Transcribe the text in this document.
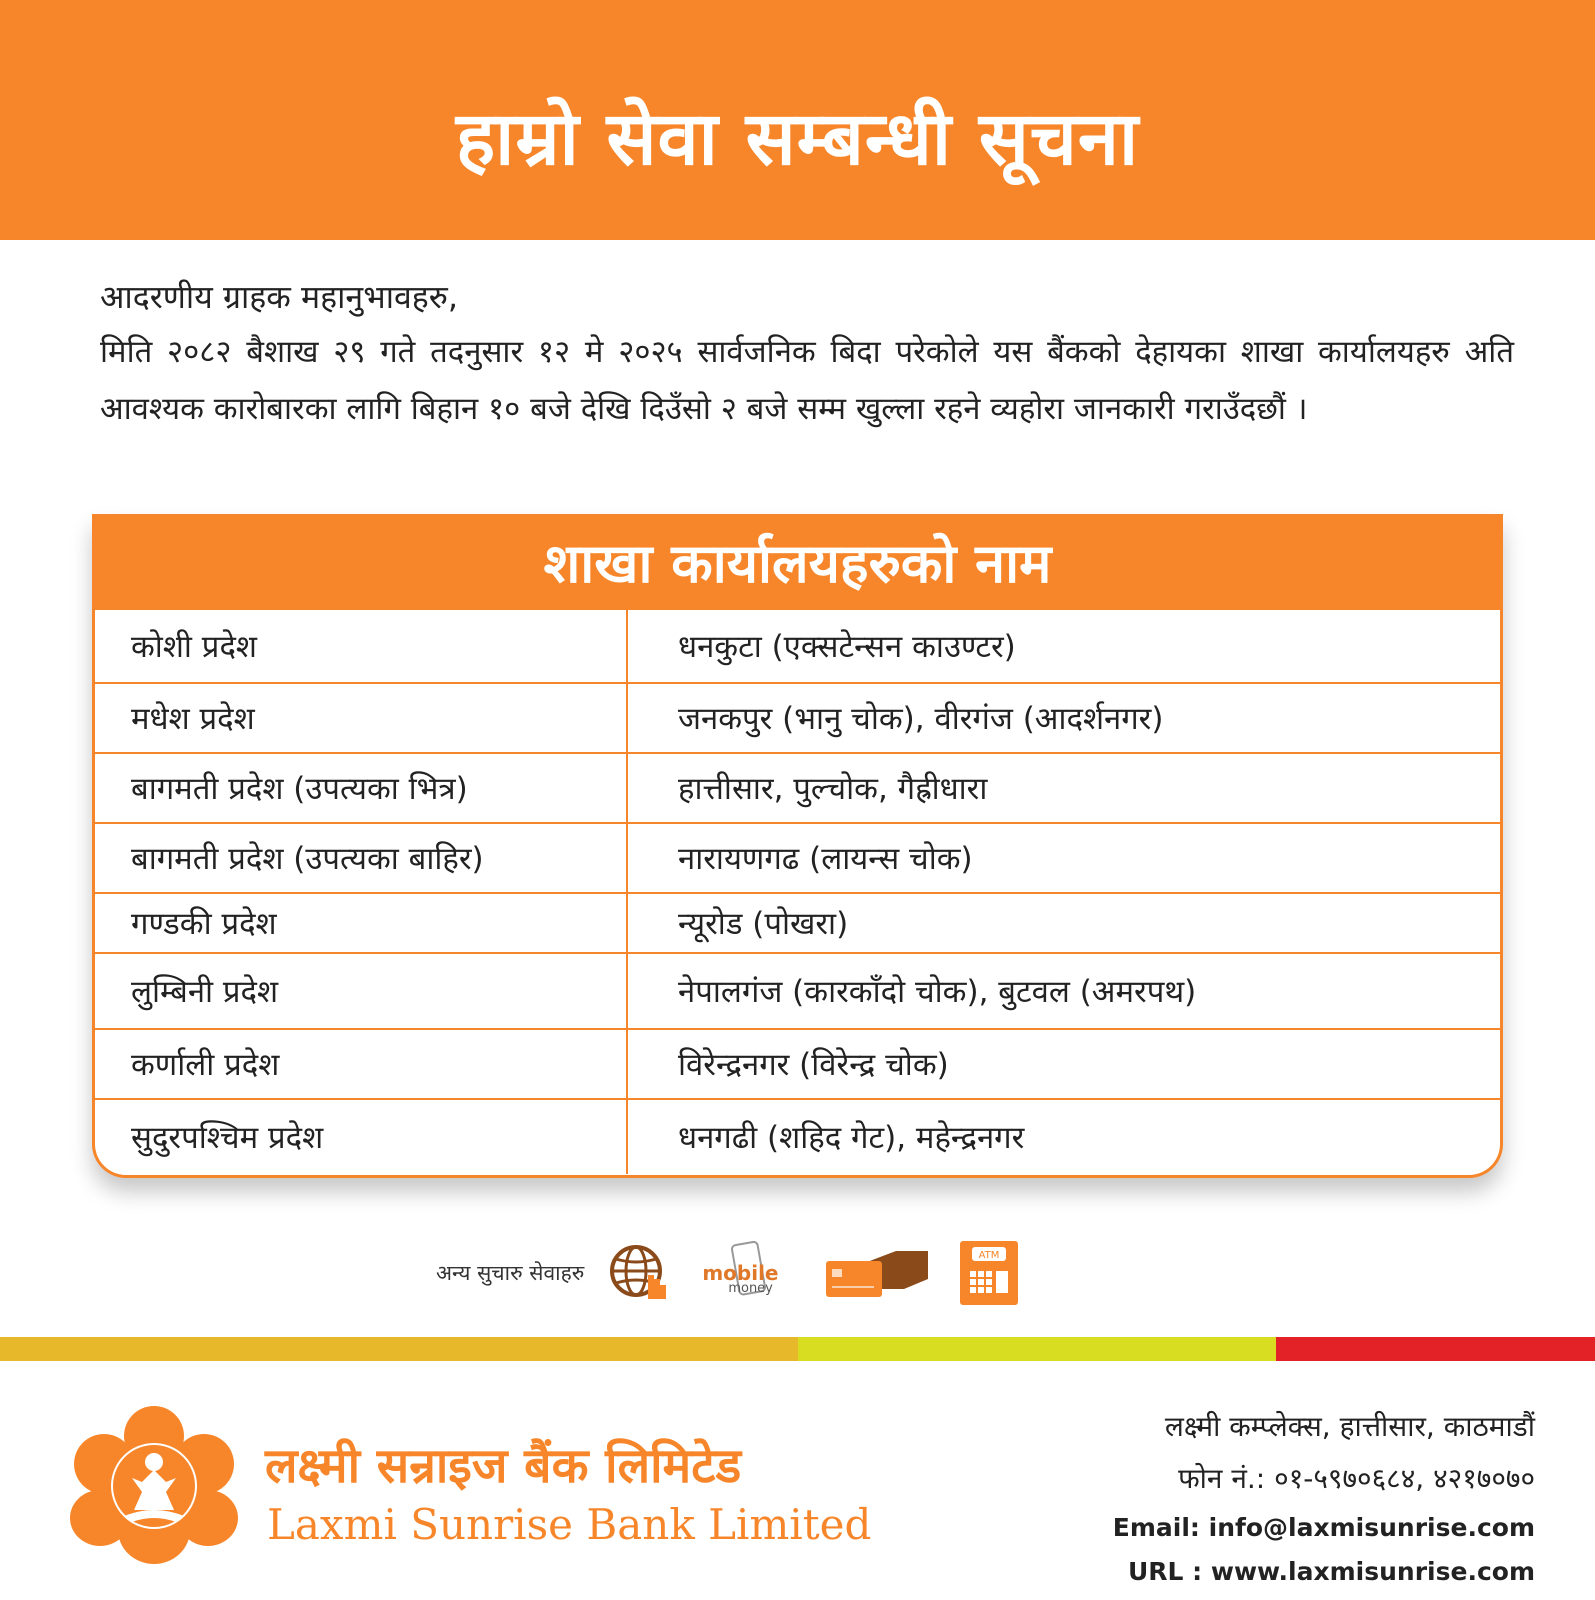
हाम्रो सेवा सम्बन्धी सूचना
आदरणीय ग्राहक महानुभावहरु,
मिति २०८२ बैशाख २९ गते तदनुसार १२ मे २०२५ सार्वजनिक बिदा परेकोले यस बैंकको देहायका शाखा कार्यालयहरु अति आवश्यक कारोबारका लागि बिहान १० बजे देखि दिउँसो २ बजे सम्म खुल्ला रहने व्यहोरा जानकारी गराउँदछौं ।
शाखा कार्यालयहरुको नाम
कोशी प्रदेश	धनकुटा (एक्सटेन्सन काउण्टर)
मधेश प्रदेश	जनकपुर (भानु चोक), वीरगंज (आदर्शनगर)
बागमती प्रदेश (उपत्यका भित्र)	हात्तीसार, पुल्चोक, गैह्रीधारा
बागमती प्रदेश (उपत्यका बाहिर)	नारायणगढ (लायन्स चोक)
गण्डकी प्रदेश	न्यूरोड (पोखरा)
लुम्बिनी प्रदेश	नेपालगंज (कारकाँदो चोक), बुटवल (अमरपथ)
कर्णाली प्रदेश	विरेन्द्रनगर (विरेन्द्र चोक)
सुदुरपश्चिम प्रदेश	धनगढी (शहिद गेट), महेन्द्रनगर
अन्य सुचारु सेवाहरु	mobile
money
ATM
लक्ष्मी सन्राइज बैंक लिमिटेड
Laxmi Sunrise Bank Limited
लक्ष्मी कम्प्लेक्स, हात्तीसार, काठमाडौं
फोन नं.: ०१-५९७०६८४, ४२१७०७०
Email: info@laxmisunrise.com
URL : www.laxmisunrise.com
